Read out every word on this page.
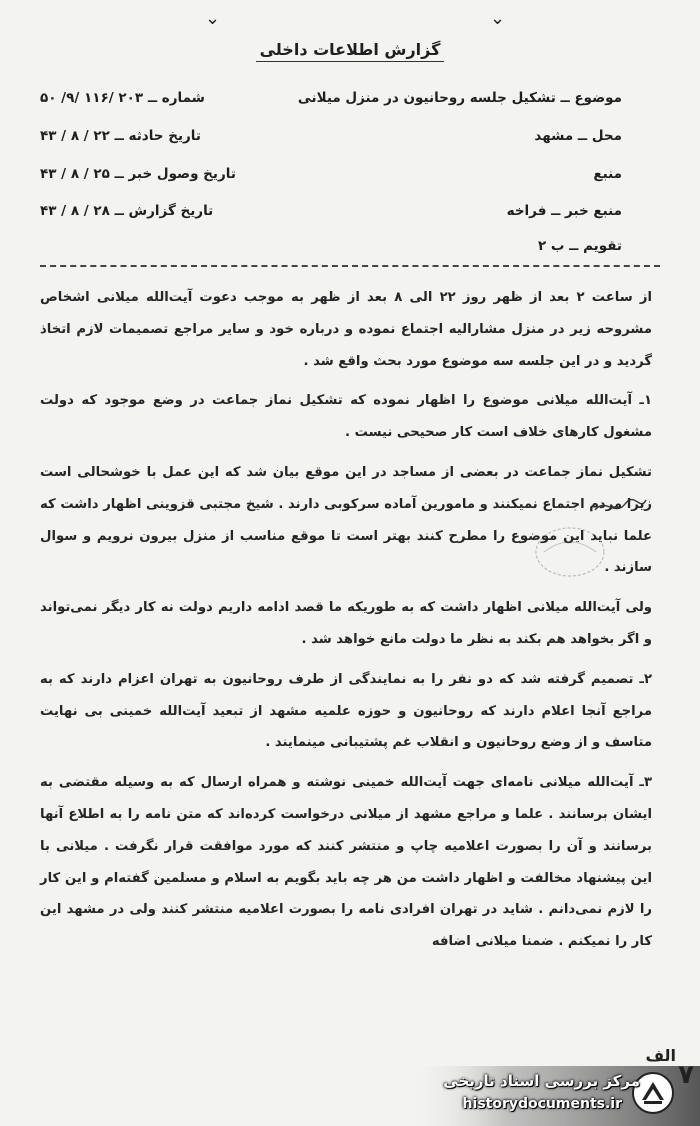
⌄	⌄
گزارش اطلاعات داخلی
موضوع ــ تشکیل جلسه روحانیون در منزل میلانی
شماره ــ ۲۰۳ /۱۱۶ /۹/ ۵۰
محل ــ مشهد
تاریخ حادثه ــ ۲۲ / ۸ / ۴۳
منبع
تاریخ وصول خبر ــ ۲۵ / ۸ / ۴۳
منبع خبر ــ فراخه
تاریخ گزارش ــ ۲۸ / ۸ / ۴۳
تقویم ــ ب ۲

از ساعت ۲ بعد از ظهر روز ۲۲ الی ۸ بعد از ظهر به موجب دعوت آیت‌الله میلانی اشخاص مشروحه زیر در منزل مشارالیه اجتماع نموده و درباره خود و سایر مراجع تصمیمات لازم اتخاذ گردید و در این جلسه سه موضوع مورد بحث واقع شد .

۱ـ آیت‌الله میلانی موضوع را اظهار نموده که تشکیل نماز جماعت در وضع موجود که دولت مشغول کارهای خلاف است کار صحیحی نیست .

تشکیل نماز جماعت در بعضی از مساجد در این موقع بیان شد که این عمل با خوشحالی است زیرا مردم اجتماع نمیکنند و مامورین آماده سرکوبی دارند . شیخ مجتبی قزوینی اظهار داشت که علما نباید این موضوع را مطرح کنند بهتر است تا موقع مناسب از منزل بیرون نرویم و سوال سازند .

ولی آیت‌الله میلانی اظهار داشت که به طوریکه ما قصد ادامه داریم دولت نه کار دیگر نمی‌تواند و اگر بخواهد هم بکند به نظر ما دولت مانع خواهد شد .

۲ـ تصمیم گرفته شد که دو نفر را به نمایندگی از طرف روحانیون به تهران اعزام دارند که به مراجع آنجا اعلام دارند که روحانیون و حوزه علمیه مشهد از تبعید آیت‌الله خمینی بی نهایت متاسف و از وضع روحانیون و انقلاب غم پشتیبانی مینمایند .

۳ـ آیت‌الله میلانی نامه‌ای جهت آیت‌الله خمینی نوشته و همراه ارسال که به وسیله مقتضی به ایشان برسانند . علما و مراجع مشهد از میلانی درخواست کرده‌اند که متن نامه را به اطلاع آنها برسانند و آن را بصورت اعلامیه چاپ و منتشر کنند که مورد موافقت قرار نگرفت . میلانی با این پیشنهاد مخالفت و اظهار داشت من هر چه باید بگویم به اسلام و مسلمین گفته‌ام و این کار را لازم نمی‌دانم . شاید در تهران افرادی نامه را بصورت اعلامیه منتشر کنند ولی در مشهد این کار را نمیکنم . ضمنا میلانی اضافه

مرکز بررسی اسناد تاریخی
historydocuments.ir
۷
الف
